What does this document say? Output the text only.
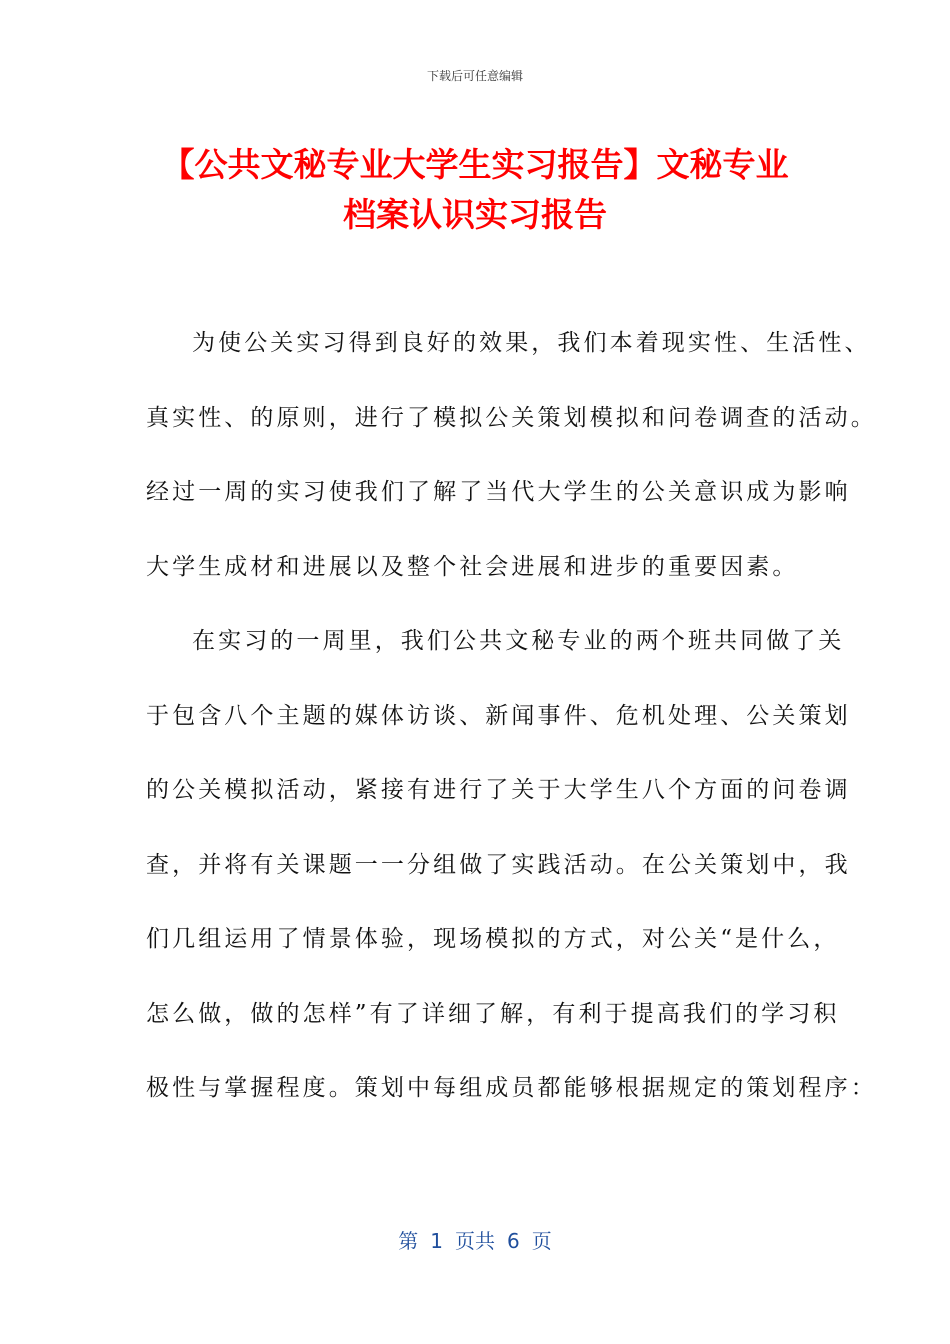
下载后可任意编辑
【公共文秘专业大学生实习报告】文秘专业
档案认识实习报告
为使公关实习得到良好的效果，我们本着现实性、生活性、
真实性、的原则，进行了模拟公关策划模拟和问卷调查的活动。
经过一周的实习使我们了解了当代大学生的公关意识成为影响
大学生成材和进展以及整个社会进展和进步的重要因素。
在实习的一周里，我们公共文秘专业的两个班共同做了关
于包含八个主题的媒体访谈、新闻事件、危机处理、公关策划
的公关模拟活动，紧接有进行了关于大学生八个方面的问卷调
查，并将有关课题一一分组做了实践活动。在公关策划中，我
们几组运用了情景体验，现场模拟的方式，对公关“是什么，
怎么做，做的怎样”有了详细了解，有利于提高我们的学习积
极性与掌握程度。策划中每组成员都能够根据规定的策划程序：
第 1 页共 6 页
